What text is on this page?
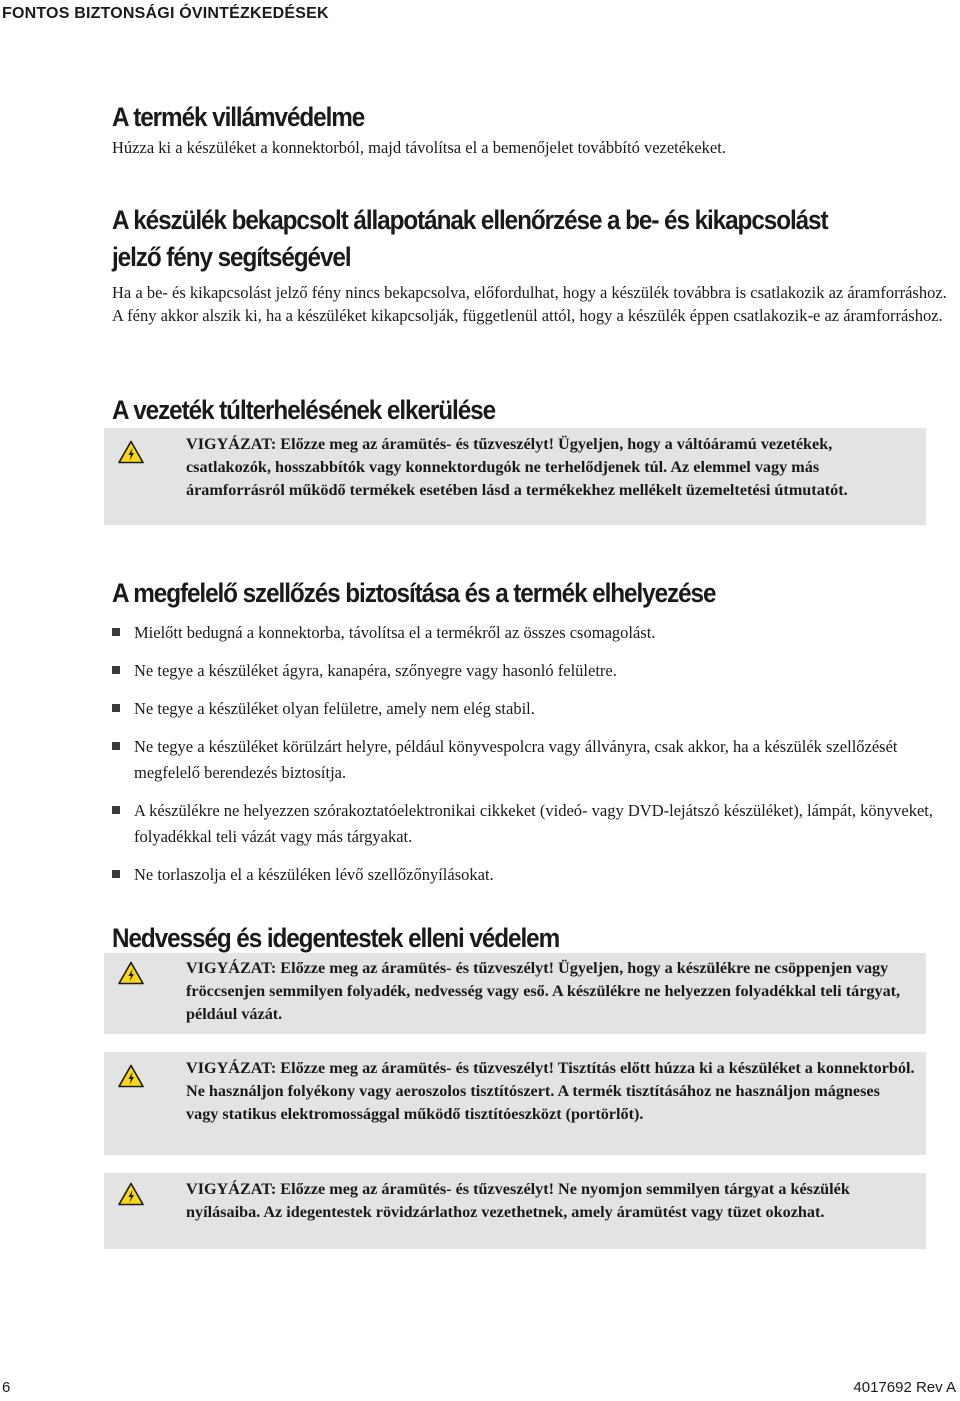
FONTOS BIZTONSÁGI ÓVINTÉZKEDÉSEK
A termék villámvédelme
Húzza ki a készüléket a konnektorból, majd távolítsa el a bemenőjelet továbbító vezetékeket.
A készülék bekapcsolt állapotának ellenőrzése a be- és kikapcsolást
jelző fény segítségével
Ha a be- és kikapcsolást jelző fény nincs bekapcsolva, előfordulhat, hogy a készülék továbbra is csatlakozik az áramforráshoz. A fény akkor alszik ki, ha a készüléket kikapcsolják, függetlenül attól, hogy a készülék éppen csatlakozik-e az áramforráshoz.
A vezeték túlterhelésének elkerülése
VIGYÁZAT: Előzze meg az áramütés- és tűzveszélyt! Ügyeljen, hogy a váltóáramú vezetékek, csatlakozók, hosszabbítók vagy konnektordugók ne terhelődjenek túl. Az elemmel vagy más áramforrásról működő termékek esetében lásd a termékekhez mellékelt üzemeltetési útmutatót.
A megfelelő szellőzés biztosítása és a termék elhelyezése
Mielőtt bedugná a konnektorba, távolítsa el a termékről az összes csomagolást.
Ne tegye a készüléket ágyra, kanapéra, szőnyegre vagy hasonló felületre.
Ne tegye a készüléket olyan felületre, amely nem elég stabil.
Ne tegye a készüléket körülzárt helyre, például könyvespolcra vagy állványra, csak akkor, ha a készülék szellőzését megfelelő berendezés biztosítja.
A készülékre ne helyezzen szórakoztatóelektronikai cikkeket (videó- vagy DVD-lejátszó készüléket), lámpát, könyveket, folyadékkal teli vázát vagy más tárgyakat.
Ne torlaszolja el a készüléken lévő szellőzőnyílásokat.
Nedvesség és idegentestek elleni védelem
VIGYÁZAT: Előzze meg az áramütés- és tűzveszélyt! Ügyeljen, hogy a készülékre ne csöppenjen vagy fröccsenjen semmilyen folyadék, nedvesség vagy eső. A készülékre ne helyezzen folyadékkal teli tárgyat, például vázát.
VIGYÁZAT: Előzze meg az áramütés- és tűzveszélyt! Tisztítás előtt húzza ki a készüléket a konnektorból. Ne használjon folyékony vagy aeroszolos tisztítószert. A termék tisztításához ne használjon mágneses vagy statikus elektromossággal működő tisztítóeszközt (portörlőt).
VIGYÁZAT: Előzze meg az áramütés- és tűzveszélyt! Ne nyomjon semmilyen tárgyat a készülék nyílásaiba. Az idegentestek rövidzárlathoz vezethetnek, amely áramütést vagy tüzet okozhat.
6	4017692 Rev A
